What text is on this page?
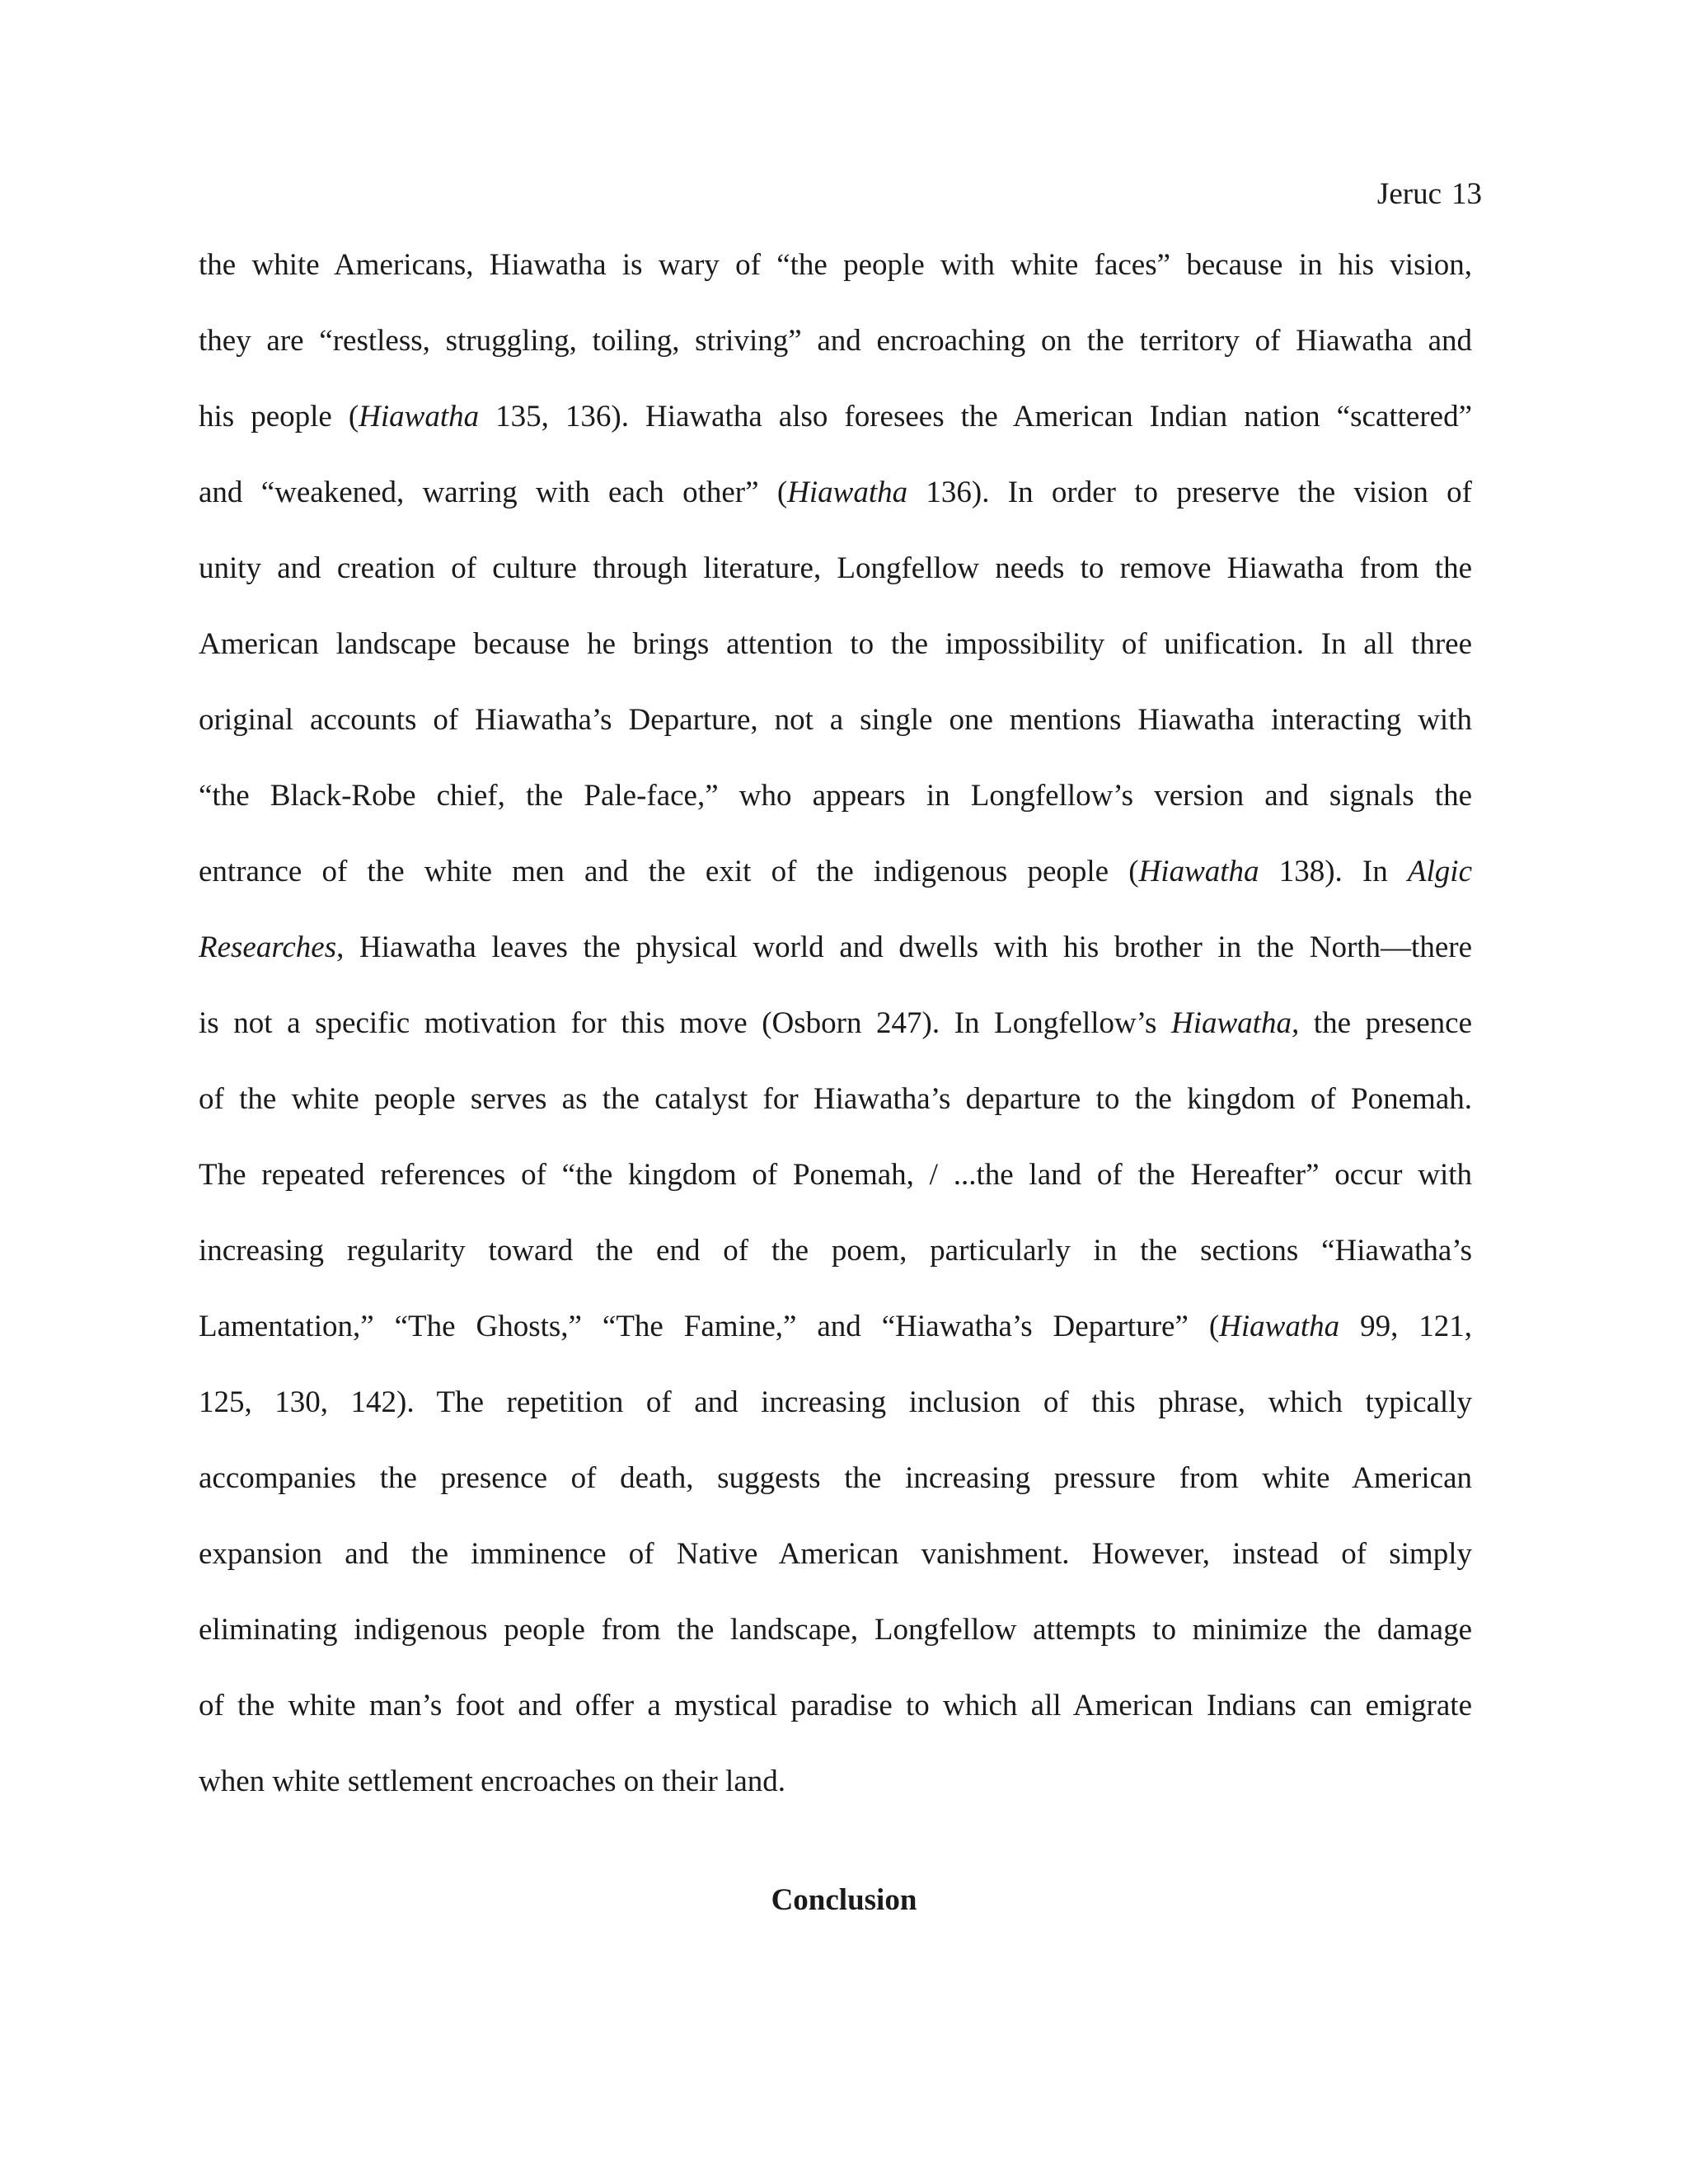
Jeruc 13
the white Americans, Hiawatha is wary of “the people with white faces” because in his vision,
they are “restless, struggling, toiling, striving” and encroaching on the territory of Hiawatha and
his people (Hiawatha 135, 136). Hiawatha also foresees the American Indian nation “scattered”
and “weakened, warring with each other” (Hiawatha 136). In order to preserve the vision of
unity and creation of culture through literature, Longfellow needs to remove Hiawatha from the
American landscape because he brings attention to the impossibility of unification. In all three
original accounts of Hiawatha’s Departure, not a single one mentions Hiawatha interacting with
“the Black-Robe chief, the Pale-face,” who appears in Longfellow’s version and signals the
entrance of the white men and the exit of the indigenous people (Hiawatha 138). In Algic
Researches, Hiawatha leaves the physical world and dwells with his brother in the North—there
is not a specific motivation for this move (Osborn 247). In Longfellow’s Hiawatha, the presence
of the white people serves as the catalyst for Hiawatha’s departure to the kingdom of Ponemah.
The repeated references of “the kingdom of Ponemah, / ...the land of the Hereafter” occur with
increasing regularity toward the end of the poem, particularly in the sections “Hiawatha’s
Lamentation,” “The Ghosts,” “The Famine,” and “Hiawatha’s Departure” (Hiawatha 99, 121,
125, 130, 142). The repetition of and increasing inclusion of this phrase, which typically
accompanies the presence of death, suggests the increasing pressure from white American
expansion and the imminence of Native American vanishment. However, instead of simply
eliminating indigenous people from the landscape, Longfellow attempts to minimize the damage
of the white man’s foot and offer a mystical paradise to which all American Indians can emigrate
when white settlement encroaches on their land.
Conclusion
